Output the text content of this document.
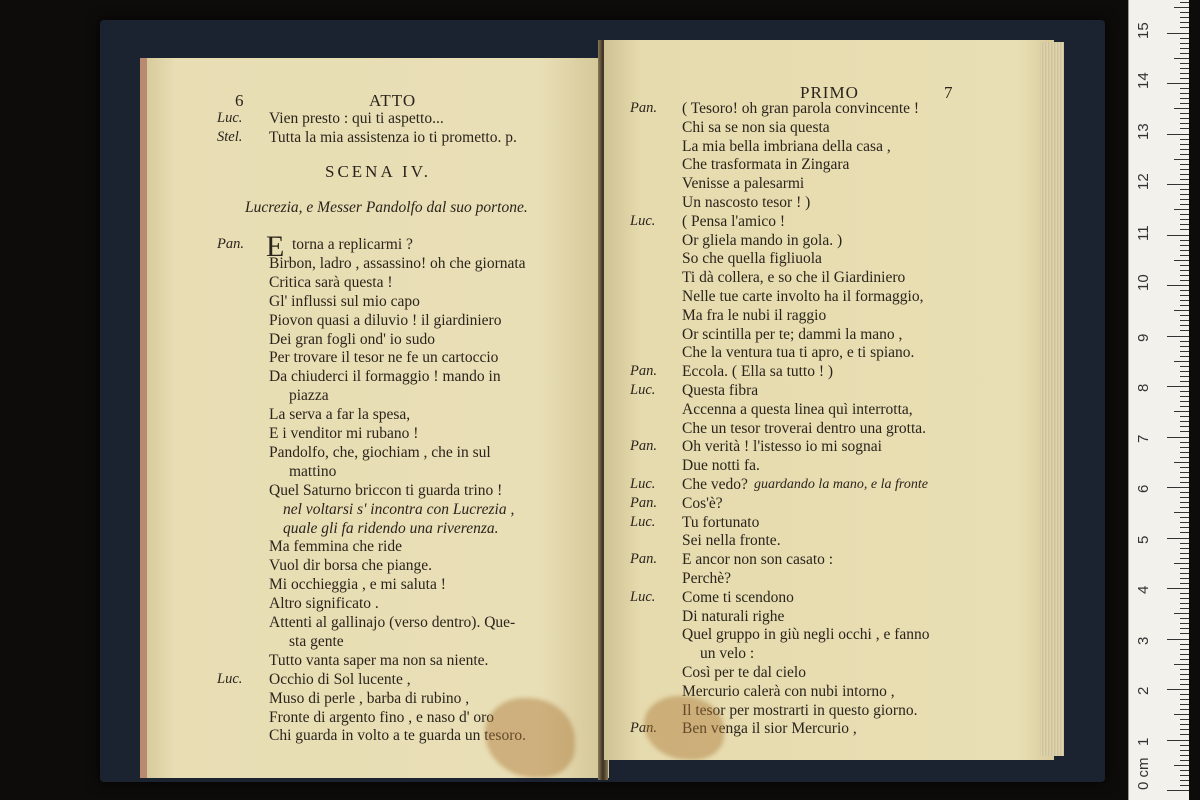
6	ATTO
SCENA IV.
Lucrezia, e Messer Pandolfo dal suo portone.
E
Luc. Vien presto : qui ti aspetto...
Stel. Tutta la mia assistenza io ti prometto. p.
Pan.	torna a replicarmi ?
Birbon, ladro , assassino! oh che giornata
Critica sarà questa !
Gl' influssi sul mio capo
Piovon quasi a diluvio ! il giardiniero
Dei gran fogli ond' io sudo
Per trovare il tesor ne fe un cartoccio
Da chiuderci il formaggio ! mando in
piazza
La serva a far la spesa,
E i venditor mi rubano !
Pandolfo, che, giochiam , che in sul
mattino
Quel Saturno briccon ti guarda trino !
nel voltarsi s' incontra con Lucrezia ,
quale gli fa ridendo una riverenza.
Ma femmina che ride
Vuol dir borsa che piange.
Mi occhieggia , e mi saluta !
Altro significato .
Attenti al gallinajo (verso dentro). Que-
sta gente
Tutto vanta saper ma non sa niente.
Luc. Occhio di Sol lucente ,
Muso di perle , barba di rubino ,
Fronte di argento fino , e naso d' oro
Chi guarda in volto a te guarda un tesoro.
PRIMO	7
Pan. ( Tesoro! oh gran parola convincente !
Chi sa se non sia questa
La mia bella imbriana della casa ,
Che trasformata in Zingara
Venisse a palesarmi
Un nascosto tesor ! )
Luc. ( Pensa l'amico !
Or gliela mando in gola. )
So che quella figliuola
Ti dà collera, e so che il Giardiniero
Nelle tue carte involto ha il formaggio,
Ma fra le nubi il raggio
Or scintilla per te; dammi la mano ,
Che la ventura tua ti apro, e ti spiano.
Pan. Eccola. ( Ella sa tutto ! )
Luc. Questa fibra
Accenna a questa linea quì interrotta,
Che un tesor troverai dentro una grotta.
Pan. Oh verità ! l'istesso io mi sognai
Due notti fa.
Luc. Che vedo? guardando la mano, e la fronte
Pan. Cos'è?
Luc. Tu fortunato
Sei nella fronte.
Pan. E ancor non son casato :
Perchè?
Luc. Come ti scendono
Di naturali righe
Quel gruppo in giù negli occhi , e fanno
un velo :
Così per te dal cielo
Mercurio calerà con nubi intorno ,
Il tesor per mostrarti in questo giorno.
Pan. Ben venga il sior Mercurio ,
1
2
3
4
5
6
7
8
9
10
11
12
13
14
15
0 cm
